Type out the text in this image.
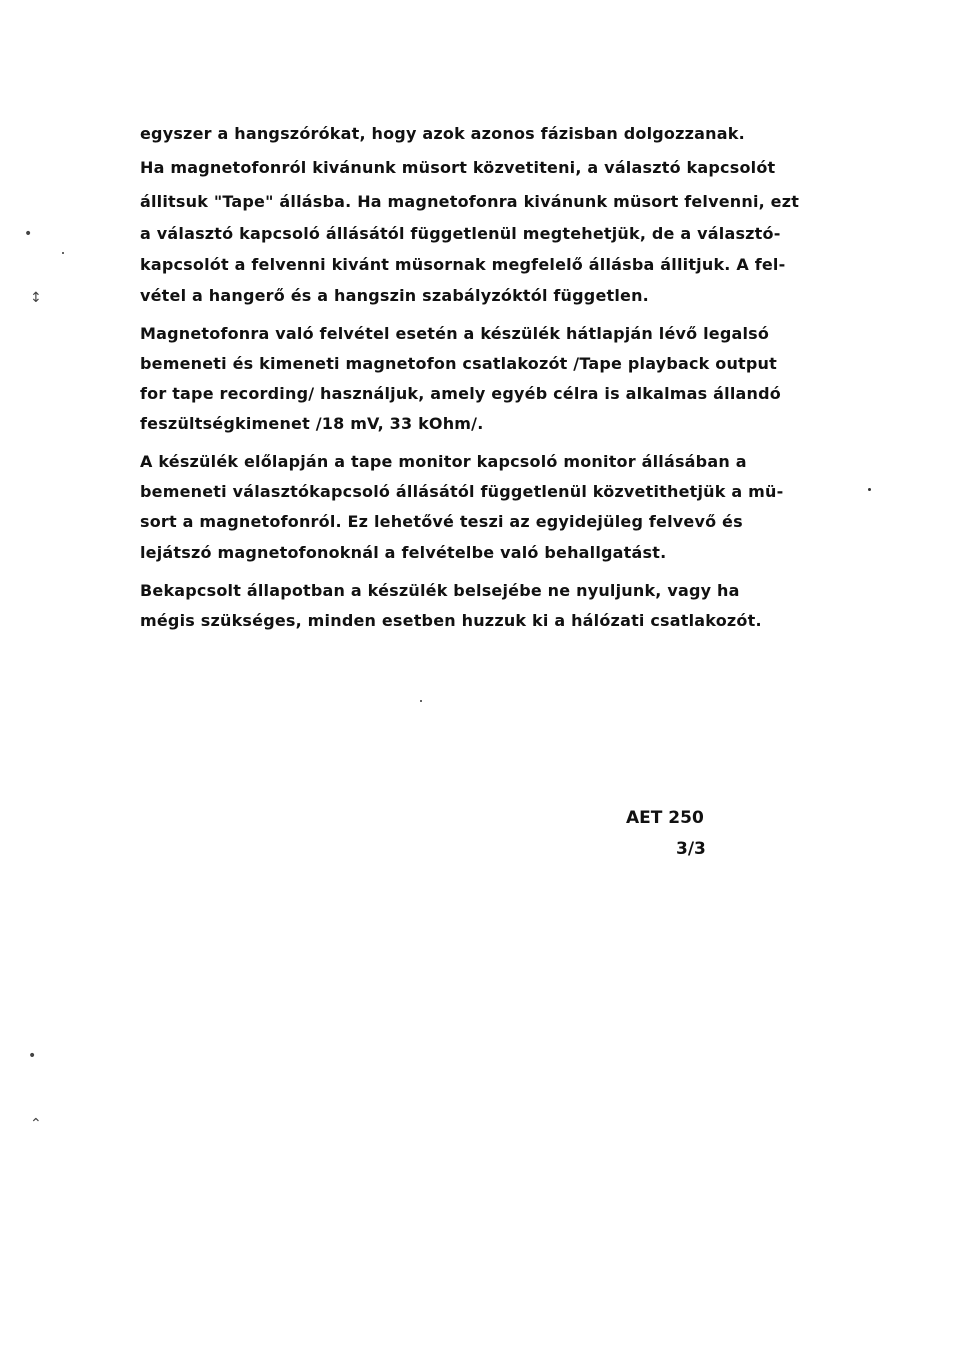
egyszer a hangszórókat, hogy azok azonos fázisban dolgozzanak.
Ha magnetofonról kivánunk müsort közvetiteni, a választó kapcsolót
állitsuk "Tape" állásba. Ha magnetofonra kivánunk müsort felvenni, ezt
a választó kapcsoló állásától függetlenül megtehetjük, de a választó-
kapcsolót a felvenni kivánt müsornak megfelelő állásba állitjuk. A fel-
vétel a hangerő és a hangszin szabályzóktól független.
Magnetofonra való felvétel esetén a készülék hátlapján lévő legalsó
bemeneti és kimeneti magnetofon csatlakozót /Tape playback output
for tape recording/ használjuk, amely egyéb célra is alkalmas állandó
feszültségkimenet /18 mV, 33 kOhm/.
A készülék előlapján a tape monitor kapcsoló monitor állásában a
bemeneti választókapcsoló állásától függetlenül közvetithetjük a mü-
sort a magnetofonról. Ez lehetővé teszi az egyidejüleg felvevő és
lejátszó magnetofonoknál a felvételbe való behallgatást.
Bekapcsolt állapotban a készülék belsejébe ne nyuljunk, vagy ha
mégis szükséges, minden esetben huzzuk ki a hálózati csatlakozót.
AET 250
3/3
•
↕
•
⌃
